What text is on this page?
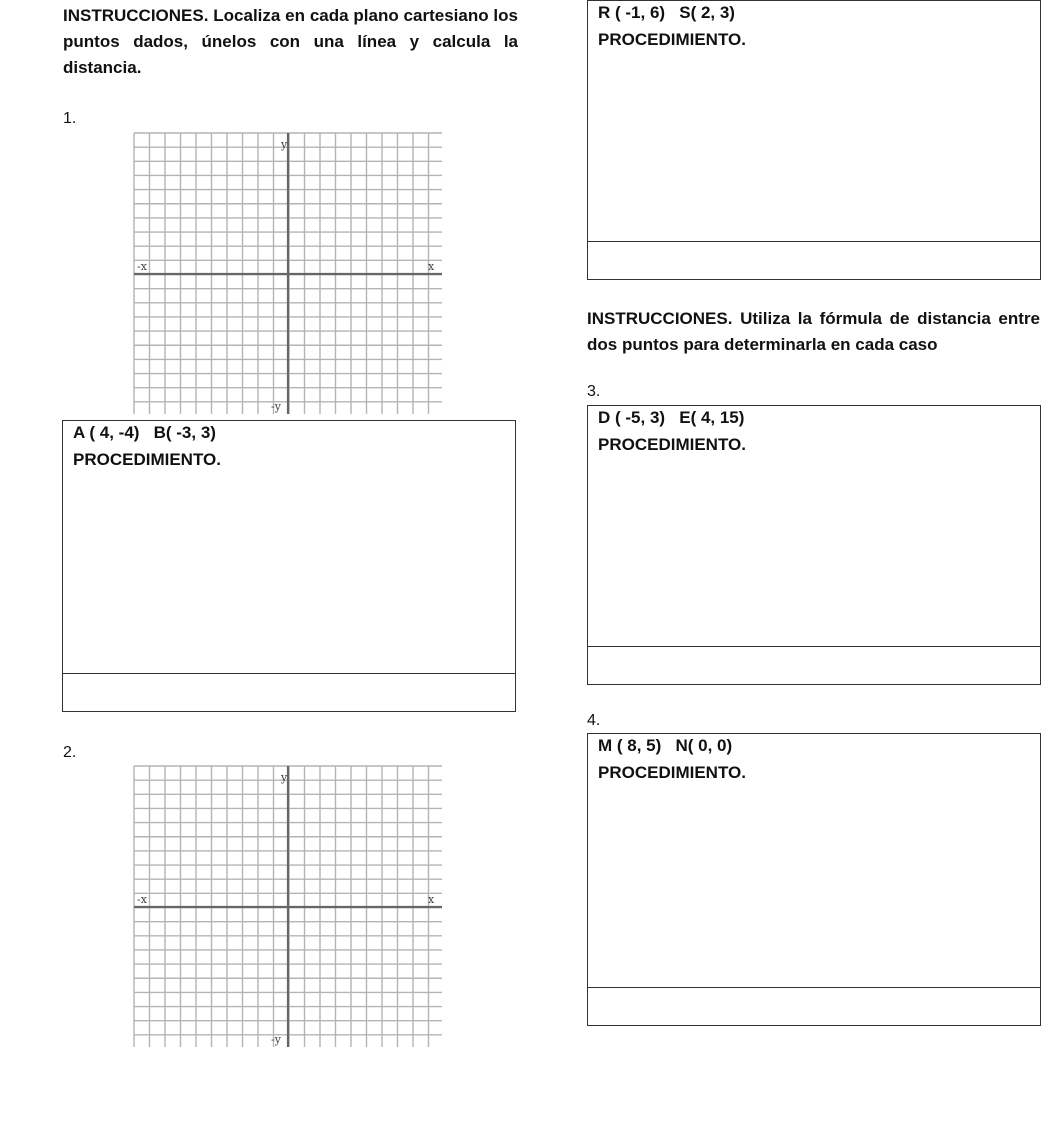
INSTRUCCIONES. Localiza en cada plano cartesiano los puntos dados, únelos con una línea y calcula la distancia.
1.
y
-y
-x	x
A ( 4, -4)   B( -3, 3)
PROCEDIMIENTO.
2.
y
-y
-x	x
R ( -1, 6)   S( 2, 3)
PROCEDIMIENTO.
INSTRUCCIONES. Utiliza la fórmula de distancia entre dos puntos para determinarla en cada caso
3.
D ( -5, 3)   E( 4, 15)
PROCEDIMIENTO.
4.
M ( 8, 5)   N( 0, 0)
PROCEDIMIENTO.
